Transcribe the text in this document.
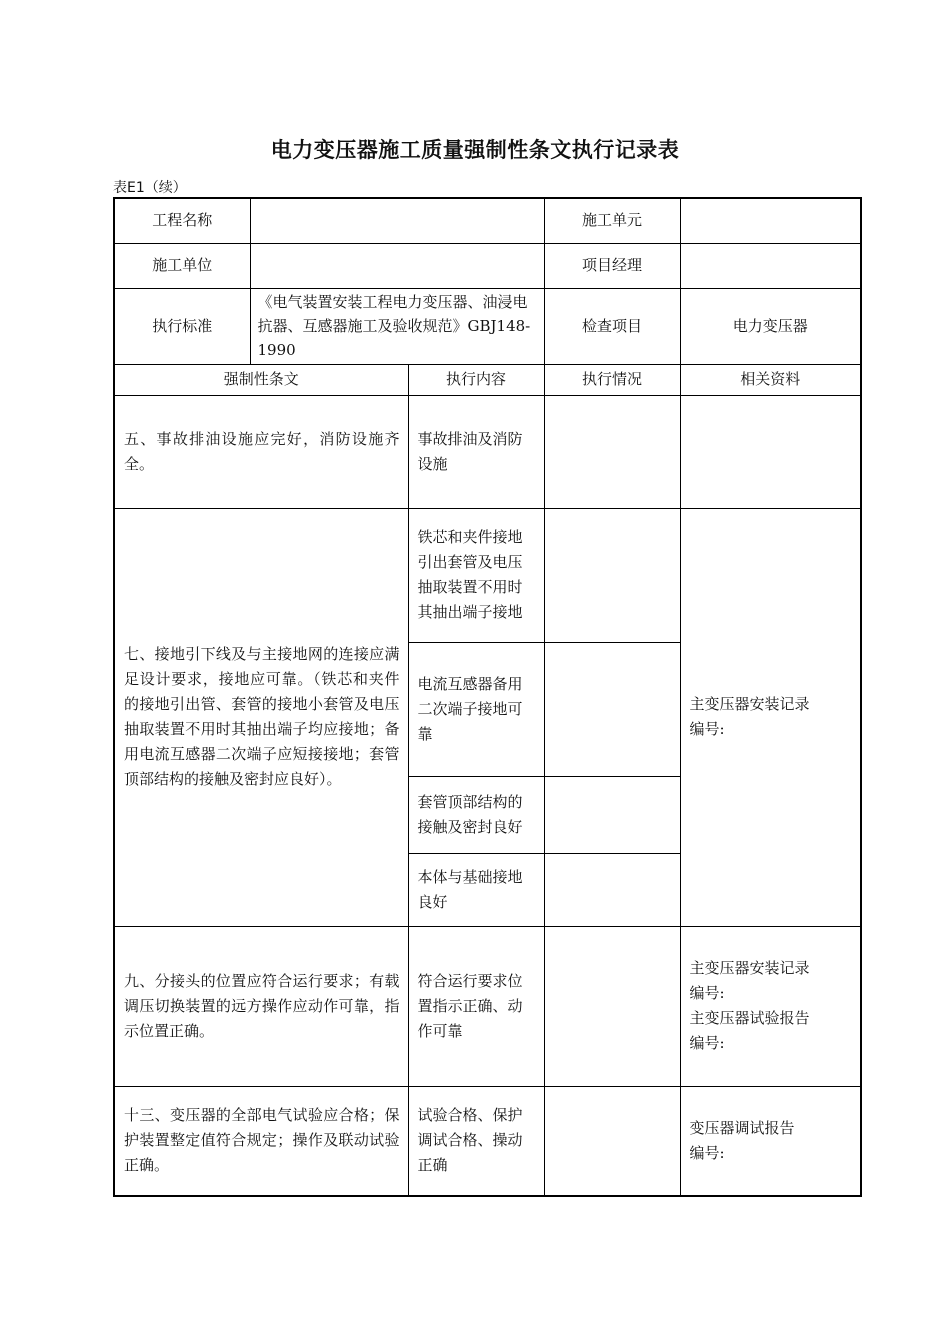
电力变压器施工质量强制性条文执行记录表
表E1（续）
工程名称			施工单元	
施工单位			项目经理	
执行标准	《电气装置安装工程电力变压器、油浸电抗器、互感器施工及验收规范》GBJ148-1990		检查项目	电力变压器
强制性条文		执行内容	执行情况	相关资料
五、事故排油设施应完好，消防设施齐全。		事故排油及消防设施		
七、接地引下线及与主接地网的连接应满足设计要求，接地应可靠。（铁芯和夹件的接地引出管、套管的接地小套管及电压抽取装置不用时其抽出端子均应接地；备用电流互感器二次端子应短接接地；套管顶部结构的接触及密封应良好）。		铁芯和夹件接地引出套管及电压抽取装置不用时其抽出端子接地		主变压器安装记录
编号:
		电流互感器备用二次端子接地可靠		
		套管顶部结构的接触及密封良好		
		本体与基础接地良好		
九、分接头的位置应符合运行要求；有载调压切换装置的远方操作应动作可靠，指示位置正确。		符合运行要求位置指示正确、动作可靠		主变压器安装记录
编号:
主变压器试验报告
编号:
十三、变压器的全部电气试验应合格；保护装置整定值符合规定；操作及联动试验正确。		试验合格、保护调试合格、操动正确		变压器调试报告
编号:
